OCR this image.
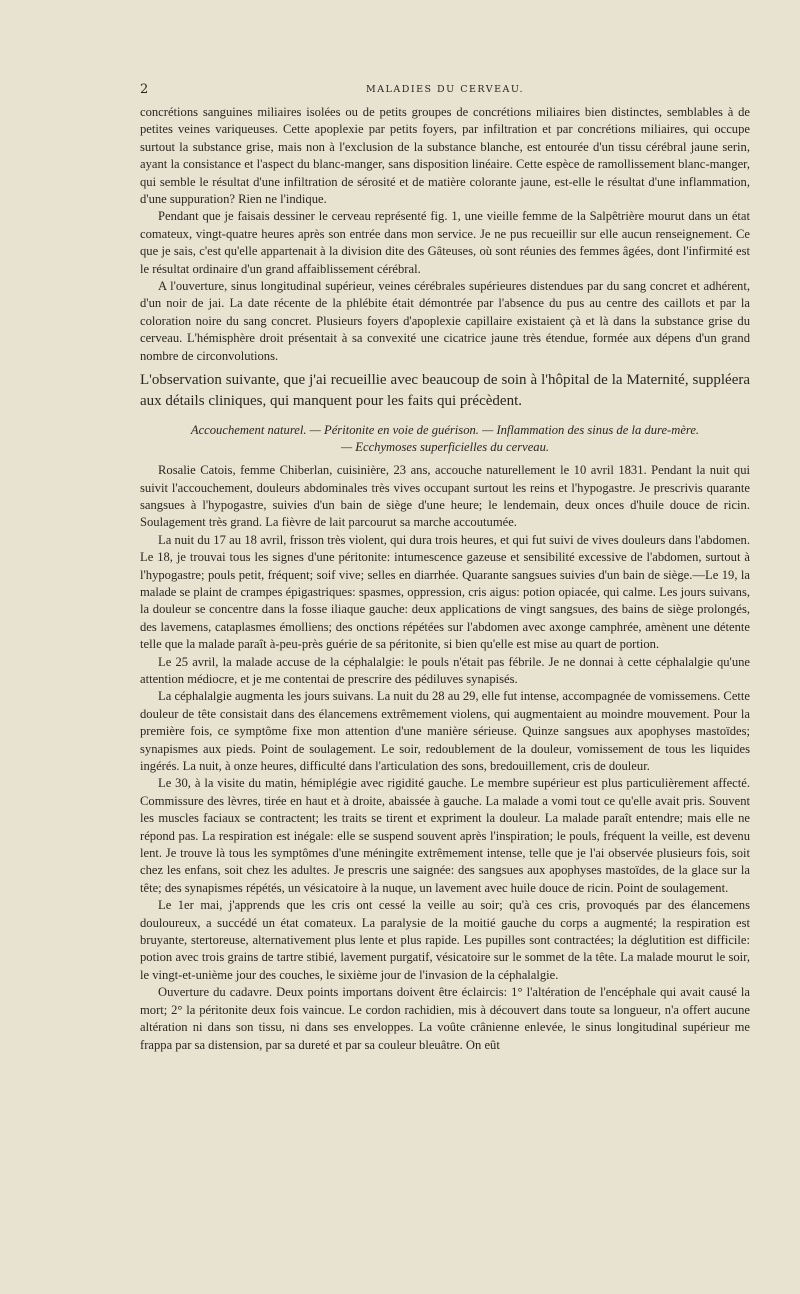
2	MALADIES DU CERVEAU.

concrétions sanguines miliaires isolées ou de petits groupes de concrétions miliaires bien distinctes, semblables à de petites veines variqueuses. Cette apoplexie par petits foyers, par infiltration et par concrétions miliaires, qui occupe surtout la substance grise, mais non à l'exclusion de la substance blanche, est entourée d'un tissu cérébral jaune serin, ayant la consistance et l'aspect du blanc-manger, sans disposition linéaire. Cette espèce de ramollissement blanc-manger, qui semble le résultat d'une infiltration de sérosité et de matière colorante jaune, est-elle le résultat d'une inflammation, d'une suppuration? Rien ne l'indique.

Pendant que je faisais dessiner le cerveau représenté fig. 1, une vieille femme de la Salpêtrière mourut dans un état comateux, vingt-quatre heures après son entrée dans mon service. Je ne pus recueillir sur elle aucun renseignement. Ce que je sais, c'est qu'elle appartenait à la division dite des Gâteuses, où sont réunies des femmes âgées, dont l'infirmité est le résultat ordinaire d'un grand affaiblissement cérébral.

A l'ouverture, sinus longitudinal supérieur, veines cérébrales supérieures distendues par du sang concret et adhérent, d'un noir de jai. La date récente de la phlébite était démontrée par l'absence du pus au centre des caillots et par la coloration noire du sang concret. Plusieurs foyers d'apoplexie capillaire existaient çà et là dans la substance grise du cerveau. L'hémisphère droit présentait à sa convexité une cicatrice jaune très étendue, formée aux dépens d'un grand nombre de circonvolutions.

L'observation suivante, que j'ai recueillie avec beaucoup de soin à l'hôpital de la Maternité, suppléera aux détails cliniques, qui manquent pour les faits qui précèdent.

Accouchement naturel. — Péritonite en voie de guérison. — Inflammation des sinus de la dure-mère.
— Ecchymoses superficielles du cerveau.

Rosalie Catois, femme Chiberlan, cuisinière, 23 ans, accouche naturellement le 10 avril 1831. Pendant la nuit qui suivit l'accouchement, douleurs abdominales très vives occupant surtout les reins et l'hypogastre. Je prescrivis quarante sangsues à l'hypogastre, suivies d'un bain de siège d'une heure; le lendemain, deux onces d'huile douce de ricin. Soulagement très grand. La fièvre de lait parcourut sa marche accoutumée.

La nuit du 17 au 18 avril, frisson très violent, qui dura trois heures, et qui fut suivi de vives douleurs dans l'abdomen. Le 18, je trouvai tous les signes d'une péritonite: intumescence gazeuse et sensibilité excessive de l'abdomen, surtout à l'hypogastre; pouls petit, fréquent; soif vive; selles en diarrhée. Quarante sangsues suivies d'un bain de siège.—Le 19, la malade se plaint de crampes épigastriques: spasmes, oppression, cris aigus: potion opiacée, qui calme. Les jours suivans, la douleur se concentre dans la fosse iliaque gauche: deux applications de vingt sangsues, des bains de siège prolongés, des lavemens, cataplasmes émolliens; des onctions répétées sur l'abdomen avec axonge camphrée, amènent une détente telle que la malade paraît à-peu-près guérie de sa péritonite, si bien qu'elle est mise au quart de portion.

Le 25 avril, la malade accuse de la céphalalgie: le pouls n'était pas fébrile. Je ne donnai à cette céphalalgie qu'une attention médiocre, et je me contentai de prescrire des pédiluves synapisés.

La céphalalgie augmenta les jours suivans. La nuit du 28 au 29, elle fut intense, accompagnée de vomissemens. Cette douleur de tête consistait dans des élancemens extrêmement violens, qui augmentaient au moindre mouvement. Pour la première fois, ce symptôme fixe mon attention d'une manière sérieuse. Quinze sangsues aux apophyses mastoïdes; synapismes aux pieds. Point de soulagement. Le soir, redoublement de la douleur, vomissement de tous les liquides ingérés. La nuit, à onze heures, difficulté dans l'articulation des sons, bredouillement, cris de douleur.

Le 30, à la visite du matin, hémiplégie avec rigidité gauche. Le membre supérieur est plus particulièrement affecté. Commissure des lèvres, tirée en haut et à droite, abaissée à gauche. La malade a vomi tout ce qu'elle avait pris. Souvent les muscles faciaux se contractent; les traits se tirent et expriment la douleur. La malade paraît entendre; mais elle ne répond pas. La respiration est inégale: elle se suspend souvent après l'inspiration; le pouls, fréquent la veille, est devenu lent. Je trouve là tous les symptômes d'une méningite extrêmement intense, telle que je l'ai observée plusieurs fois, soit chez les enfans, soit chez les adultes. Je prescris une saignée: des sangsues aux apophyses mastoïdes, de la glace sur la tête; des synapismes répétés, un vésicatoire à la nuque, un lavement avec huile douce de ricin. Point de soulagement.

Le 1er mai, j'apprends que les cris ont cessé la veille au soir; qu'à ces cris, provoqués par des élancemens douloureux, a succédé un état comateux. La paralysie de la moitié gauche du corps a augmenté; la respiration est bruyante, stertoreuse, alternativement plus lente et plus rapide. Les pupilles sont contractées; la déglutition est difficile: potion avec trois grains de tartre stibié, lavement purgatif, vésicatoire sur le sommet de la tête. La malade mourut le soir, le vingt-et-unième jour des couches, le sixième jour de l'invasion de la céphalalgie.

Ouverture du cadavre. Deux points importans doivent être éclaircis: 1° l'altération de l'encéphale qui avait causé la mort; 2° la péritonite deux fois vaincue. Le cordon rachidien, mis à découvert dans toute sa longueur, n'a offert aucune altération ni dans son tissu, ni dans ses enveloppes. La voûte crânienne enlevée, le sinus longitudinal supérieur me frappa par sa distension, par sa dureté et par sa couleur bleuâtre. On eût
